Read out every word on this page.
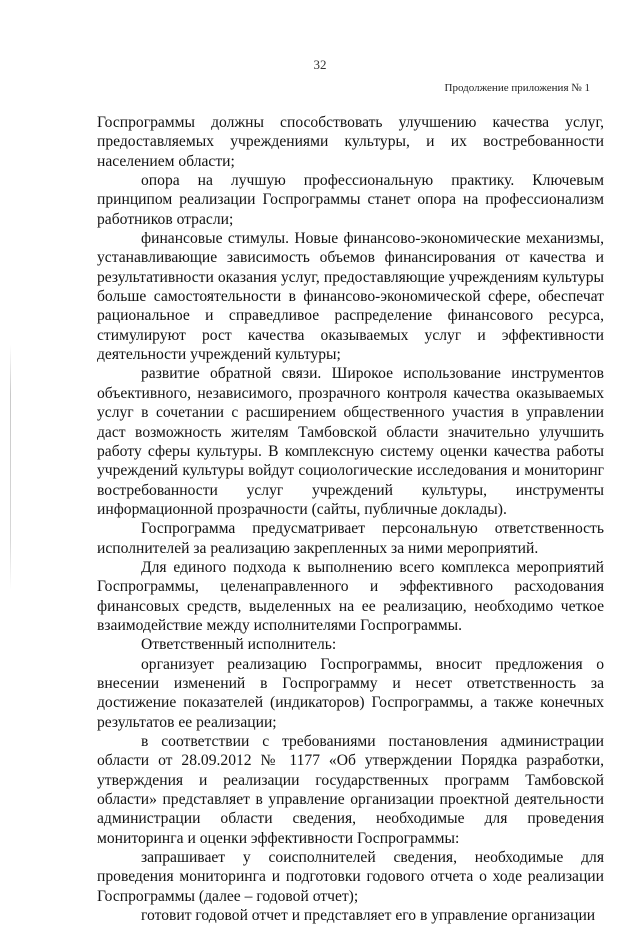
32
Продолжение приложения № 1

Госпрограммы должны способствовать улучшению качества услуг, предоставляемых учреждениями культуры, и их востребованности населением области;

опора на лучшую профессиональную практику. Ключевым принципом реализации Госпрограммы станет опора на профессионализм работников отрасли;

финансовые стимулы. Новые финансово-экономические механизмы, устанавливающие зависимость объемов финансирования от качества и результативности оказания услуг, предоставляющие учреждениям культуры больше самостоятельности в финансово-экономической сфере, обеспечат рациональное и справедливое распределение финансового ресурса, стимулируют рост качества оказываемых услуг и эффективности деятельности учреждений культуры;

развитие обратной связи. Широкое использование инструментов объективного, независимого, прозрачного контроля качества оказываемых услуг в сочетании с расширением общественного участия в управлении даст возможность жителям Тамбовской области значительно улучшить работу сферы культуры. В комплексную систему оценки качества работы учреждений культуры войдут социологические исследования и мониторинг востребованности услуг учреждений культуры, инструменты информационной прозрачности (сайты, публичные доклады).

Госпрограмма предусматривает персональную ответственность исполнителей за реализацию закрепленных за ними мероприятий.

Для единого подхода к выполнению всего комплекса мероприятий Госпрограммы, целенаправленного и эффективного расходования финансовых средств, выделенных на ее реализацию, необходимо четкое взаимодействие между исполнителями Госпрограммы.

Ответственный исполнитель:

организует реализацию Госпрограммы, вносит предложения о внесении изменений в Госпрограмму и несет ответственность за достижение показателей (индикаторов) Госпрограммы, а также конечных результатов ее реализации;

в соответствии с требованиями постановления администрации области от 28.09.2012 № 1177 «Об утверждении Порядка разработки, утверждения и реализации государственных программ Тамбовской области» представляет в управление организации проектной деятельности администрации области сведения, необходимые для проведения мониторинга и оценки эффективности Госпрограммы:

запрашивает у соисполнителей сведения, необходимые для проведения мониторинга и подготовки годового отчета о ходе реализации Госпрограммы (далее – годовой отчет);

готовит годовой отчет и представляет его в управление организации
